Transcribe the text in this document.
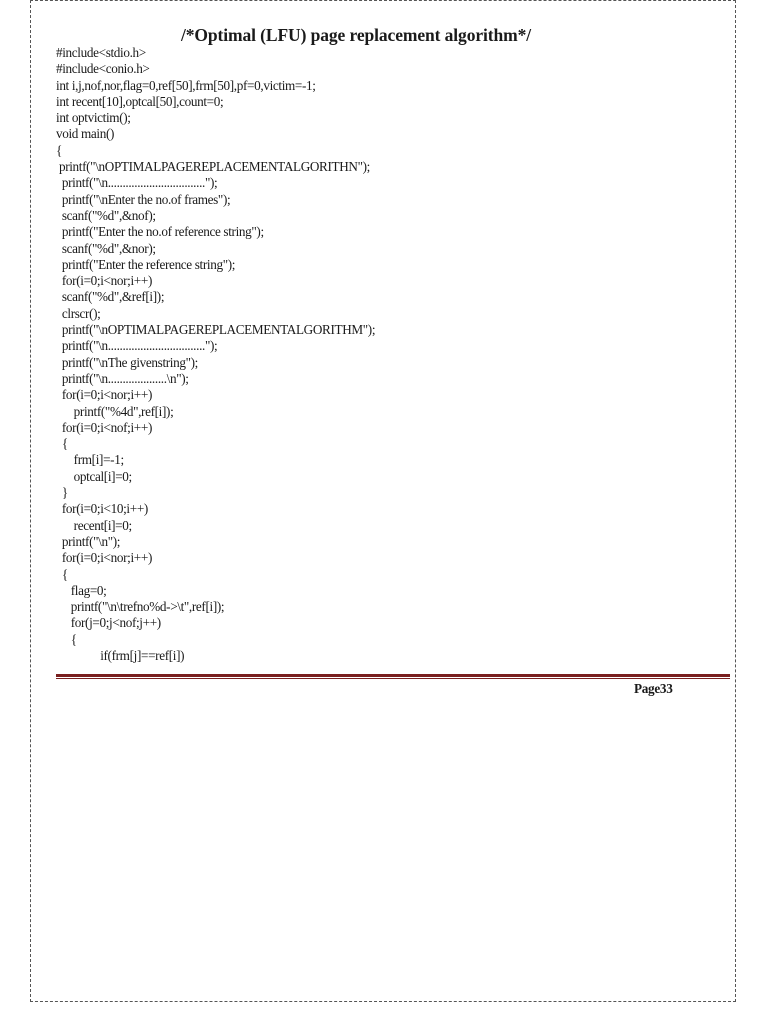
/*Optimal (LFU) page replacement algorithm*/
#include<stdio.h>
#include<conio.h>
int i,j,nof,nor,flag=0,ref[50],frm[50],pf=0,victim=-1;
int recent[10],optcal[50],count=0;
int optvictim();
void main()
{
printf("\nOPTIMALPAGEREPLACEMENTALGORITHN");
printf("\n.................................");
printf("\nEnter the no.of frames");
scanf("%d",&nof);
printf("Enter the no.of reference string");
scanf("%d",&nor);
printf("Enter the reference string");
for(i=0;i<nor;i++)
scanf("%d",&ref[i]);
clrscr();
printf("\nOPTIMALPAGEREPLACEMENTALGORITHM");
printf("\n.................................");
printf("\nThe givenstring");
printf("\n....................\n");
for(i=0;i<nor;i++)
printf("%4d",ref[i]);
for(i=0;i<nof;i++)
{
frm[i]=-1;
optcal[i]=0;
}
for(i=0;i<10;i++)
recent[i]=0;
printf("\n");
for(i=0;i<nor;i++)
{
flag=0;
printf("\n\trefno%d->\t",ref[i]);
for(j=0;j<nof;j++)
{
if(frm[j]==ref[i])
Page33
